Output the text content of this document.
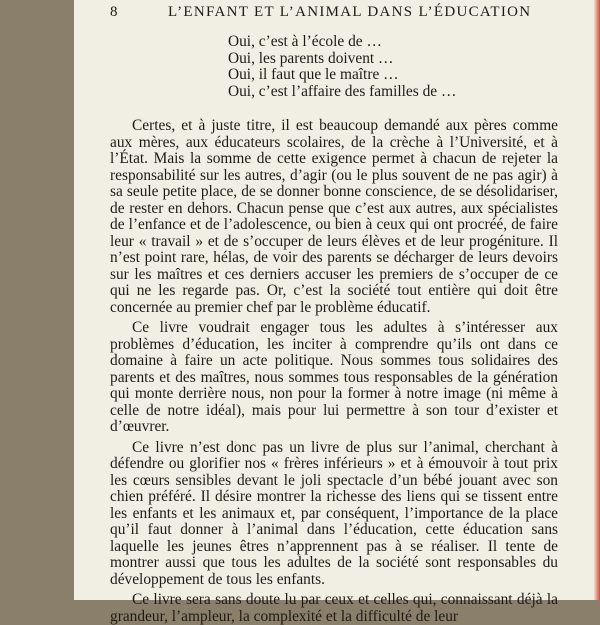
8	L’ENFANT ET L’ANIMAL DANS L’ÉDUCATION
Oui, c’est à l’école de …
Oui, les parents doivent …
Oui, il faut que le maître …
Oui, c’est l’affaire des familles de …

Certes, et à juste titre, il est beaucoup demandé aux pères comme aux mères, aux éducateurs scolaires, de la crèche à l’Université, et à l’État. Mais la somme de cette exigence permet à chacun de rejeter la responsabilité sur les autres, d’agir (ou le plus souvent de ne pas agir) à sa seule petite place, de se donner bonne conscience, de se désolidariser, de rester en dehors. Chacun pense que c’est aux autres, aux spécialistes de l’enfance et de l’adolescence, ou bien à ceux qui ont procréé, de faire leur « travail » et de s’occuper de leurs élèves et de leur progéniture. Il n’est point rare, hélas, de voir des parents se décharger de leurs devoirs sur les maîtres et ces derniers accuser les premiers de s’occuper de ce qui ne les regarde pas. Or, c’est la société tout entière qui doit être concernée au premier chef par le problème éducatif.

Ce livre voudrait engager tous les adultes à s’intéresser aux problèmes d’éducation, les inciter à comprendre qu’ils ont dans ce domaine à faire un acte politique. Nous sommes tous solidaires des parents et des maîtres, nous sommes tous responsables de la génération qui monte derrière nous, non pour la former à notre image (ni même à celle de notre idéal), mais pour lui permettre à son tour d’exister et d’œuvrer.

Ce livre n’est donc pas un livre de plus sur l’animal, cherchant à défendre ou glorifier nos « frères inférieurs » et à émouvoir à tout prix les cœurs sensibles devant le joli spectacle d’un bébé jouant avec son chien préféré. Il désire montrer la richesse des liens qui se tissent entre les enfants et les animaux et, par conséquent, l’importance de la place qu’il faut donner à l’animal dans l’éducation, cette éducation sans laquelle les jeunes êtres n’apprennent pas à se réaliser. Il tente de montrer aussi que tous les adultes de la société sont responsables du développement de tous les enfants.

Ce livre sera sans doute lu par ceux et celles qui, connaissant déjà la grandeur, l’ampleur, la complexité et la difficulté de leur
